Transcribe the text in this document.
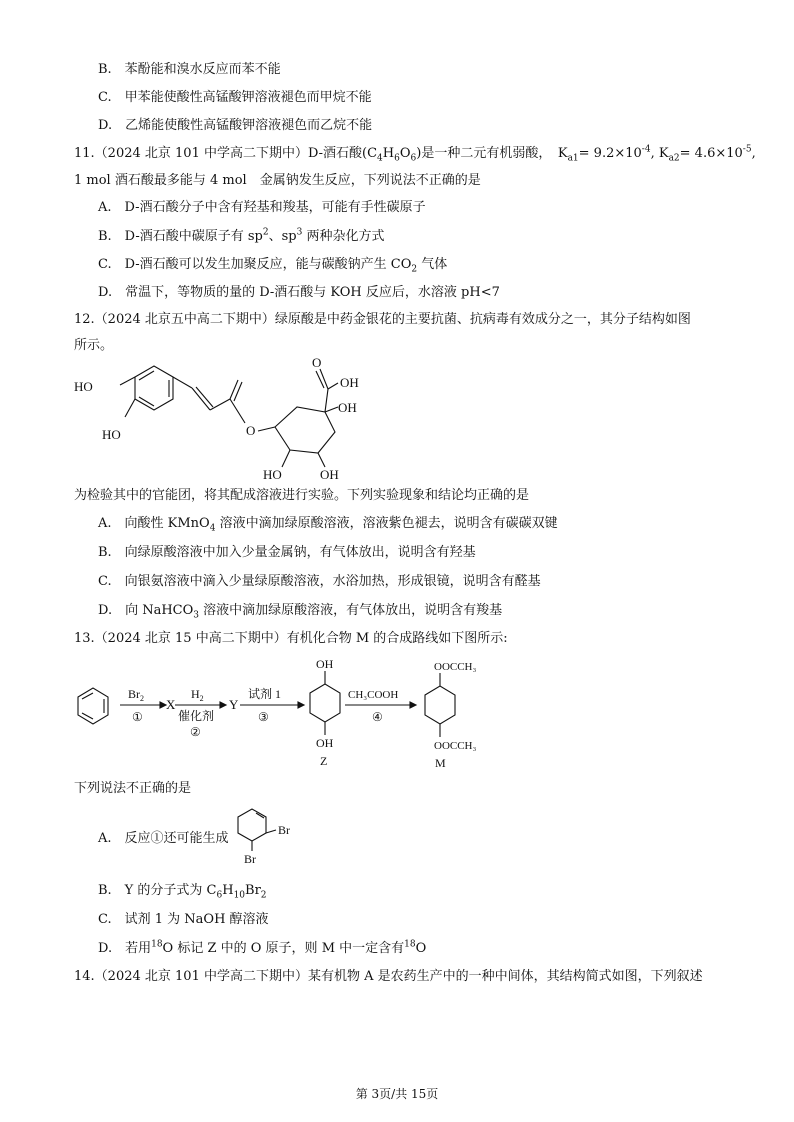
B.　苯酚能和溴水反应而苯不能
C.　甲苯能使酸性高锰酸钾溶液褪色而甲烷不能
D.　乙烯能使酸性高锰酸钾溶液褪色而乙烷不能
11.（2024 北京 101 中学高二下期中）D-酒石酸$(C_4H_6O_6)$是一种二元有机弱酸，　$K_{a1}= 9.2\times 10^{-4}$, $K_{a2}= 4.6\times 10^{-5}$,
1 mol 酒石酸最多能与 4 mol　金属钠发生反应，下列说法不正确的是
A.　D-酒石酸分子中含有羟基和羧基，可能有手性碳原子
B.　D-酒石酸中碳原子有 $sp^2$、$sp^3$ 两种杂化方式
C.　D-酒石酸可以发生加聚反应，能与碳酸钠产生 $CO_2$ 气体
D.　常温下，等物质的量的 D-酒石酸与 KOH 反应后，水溶液 pH<7
12.（2024 北京五中高二下期中）绿原酸是中药金银花的主要抗菌、抗病毒有效成分之一，其分子结构如图
所示。
HO
HO	O
O
OH
OH
HO	OH
为检验其中的官能团，将其配成溶液进行实验。下列实验现象和结论均正确的是
A.　向酸性 KMnO$_4$ 溶液中滴加绿原酸溶液，溶液紫色褪去，说明含有碳碳双键
B.　向绿原酸溶液中加入少量金属钠，有气体放出，说明含有羟基
C.　向银氨溶液中滴入少量绿原酸溶液，水浴加热，形成银镜，说明含有醛基
D.　向 NaHCO$_3$ 溶液中滴加绿原酸溶液，有气体放出，说明含有羧基
13.（2024 北京 15 中高二下期中）有机化合物 M 的合成路线如下图所示:
$Br_2$
①
X
$H_2$
催化剂
②
Y
试剂 1
③
OH
OH
Z
CH₃COOH
④
OOCCH₃
OOCCH₃
M
下列说法不正确的是
A.　反应①还可能生成
Br
Br
B.　Y 的分子式为 $C_6H_{10}Br_2$
C.　试剂 1 为 NaOH 醇溶液
D.　若用$^{18}$O 标记 Z 中的 O 原子，则 M 中一定含有$^{18}$O
14.（2024 北京 101 中学高二下期中）某有机物 A 是农药生产中的一种中间体，其结构简式如图，下列叙述
第 3页/共 15页
